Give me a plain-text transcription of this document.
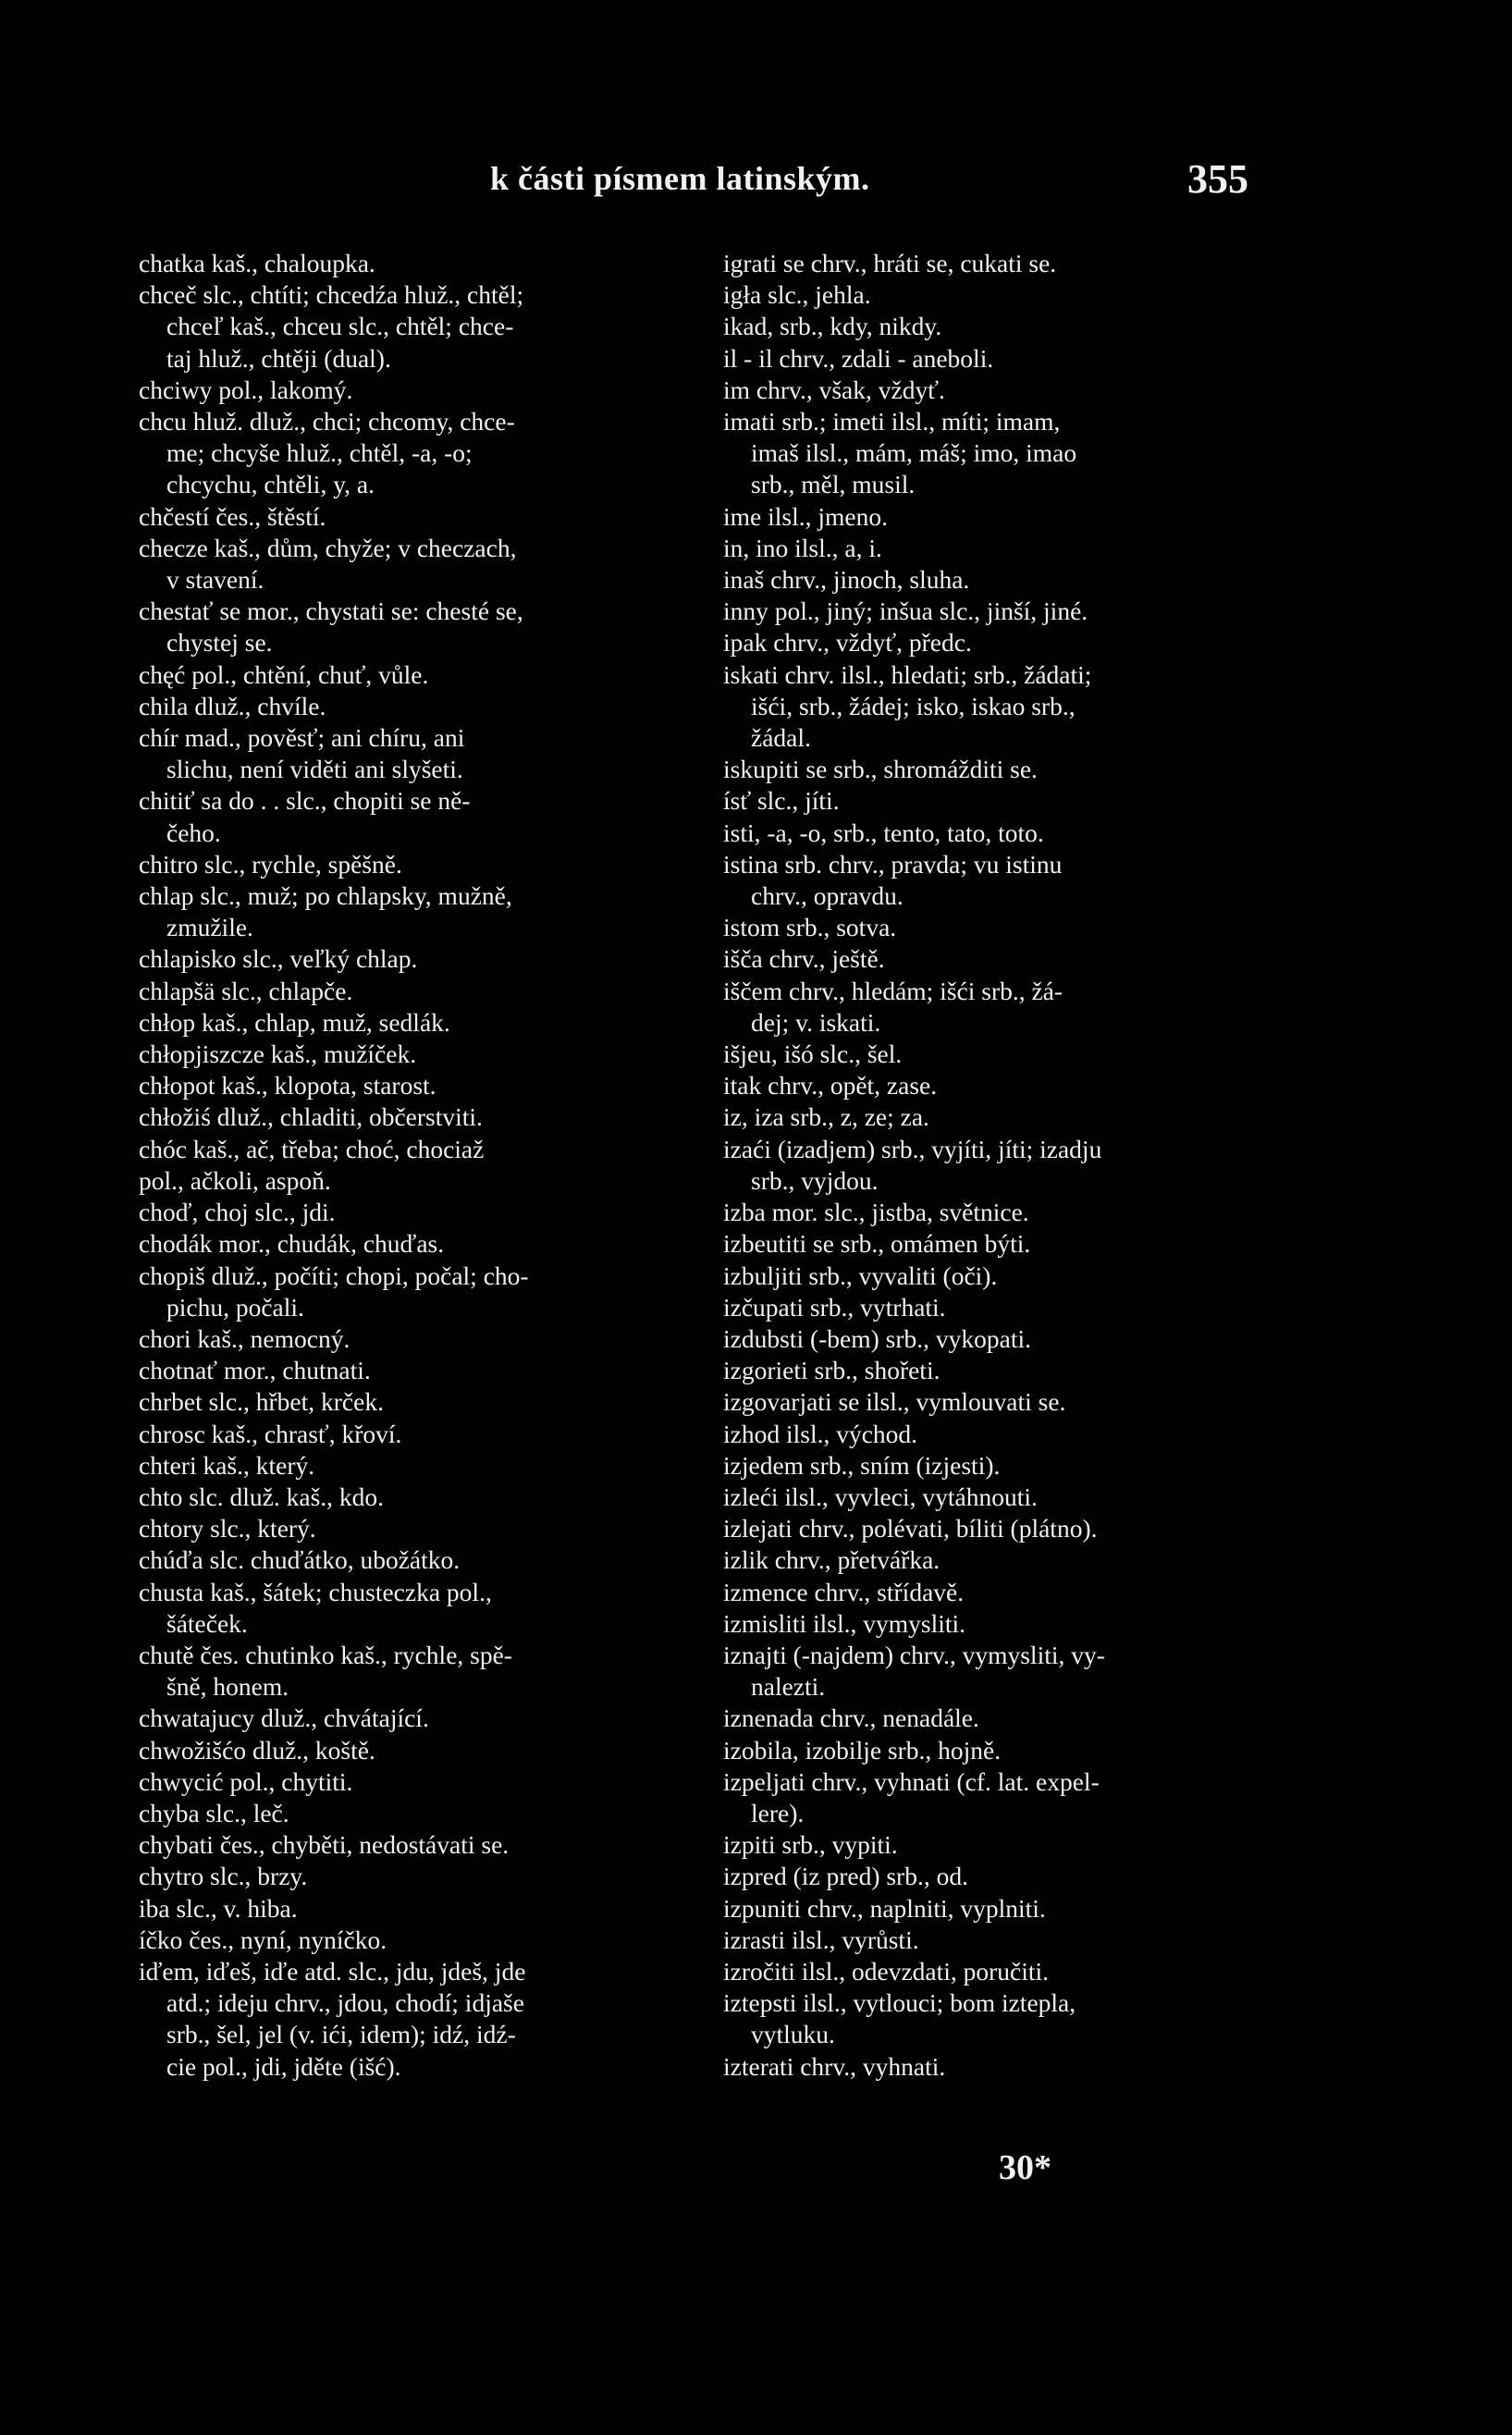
k části písmem latinským.	355
chatka kaš., chaloupka.
chceč slc., chtíti; chcedźa hluž., chtěl;
chceľ kaš., chceu slc., chtěl; chce-
taj hluž., chtěji (dual).
chciwy pol., lakomý.
chcu hluž. dluž., chci; chcomy, chce-
me; chcyše hluž., chtěl, -a, -o;
chcychu, chtěli, y, a.
chčestí čes., štěstí.
checze kaš., dům, chyže; v checzach,
v stavení.
chestať se mor., chystati se: chesté se,
chystej se.
chęć pol., chtění, chuť, vůle.
chila dluž., chvíle.
chír mad., pověsť; ani chíru, ani
slichu, není viděti ani slyšeti.
chitiť sa do . . slc., chopiti se ně-
čeho.
chitro slc., rychle, spěšně.
chlap slc., muž; po chlapsky, mužně,
zmužile.
chlapisko slc., veľký chlap.
chlapšä slc., chlapče.
chłop kaš., chlap, muž, sedlák.
chłopjiszcze kaš., mužíček.
chłopot kaš., klopota, starost.
chłožiś dluž., chladiti, občerstviti.
chóc kaš., ač, třeba; choć, chociaž
pol., ačkoli, aspoň.
choď, choj slc., jdi.
chodák mor., chudák, chuďas.
chopiš dluž., počíti; chopi, počal; cho-
pichu, počali.
chori kaš., nemocný.
chotnať mor., chutnati.
chrbet slc., hřbet, krček.
chrosc kaš., chrasť, křoví.
chteri kaš., který.
chto slc. dluž. kaš., kdo.
chtory slc., který.
chúďa slc. chuďátko, ubožátko.
chusta kaš., šátek; chusteczka pol.,
šáteček.
chutě čes. chutinko kaš., rychle, spě-
šně, honem.
chwatajucy dluž., chvátající.
chwožišćo dluž., koště.
chwycić pol., chytiti.
chyba slc., leč.
chybati čes., chyběti, nedostávati se.
chytro slc., brzy.
iba slc., v. hiba.
íčko čes., nyní, nyníčko.
iďem, iďeš, iďe atd. slc., jdu, jdeš, jde
atd.; ideju chrv., jdou, chodí; idjaše
srb., šel, jel (v. ići, idem); idź, idź-
cie pol., jdi, jděte (išć).
igrati se chrv., hráti se, cukati se.
igła slc., jehla.
ikad, srb., kdy, nikdy.
il - il chrv., zdali - aneboli.
im chrv., však, vždyť.
imati srb.; imeti ilsl., míti; imam,
imaš ilsl., mám, máš; imo, imao
srb., měl, musil.
ime ilsl., jmeno.
in, ino ilsl., a, i.
inaš chrv., jinoch, sluha.
inny pol., jiný; inšua slc., jinší, jiné.
ipak chrv., vždyť, předc.
iskati chrv. ilsl., hledati; srb., žádati;
išći, srb., žádej; isko, iskao srb.,
žádal.
iskupiti se srb., shromážditi se.
ísť slc., jíti.
isti, -a, -o, srb., tento, tato, toto.
istina srb. chrv., pravda; vu istinu
chrv., opravdu.
istom srb., sotva.
išča chrv., ještě.
iščem chrv., hledám; išći srb., žá-
dej; v. iskati.
išjeu, išó slc., šel.
itak chrv., opět, zase.
iz, iza srb., z, ze; za.
izaći (izadjem) srb., vyjíti, jíti; izadju
srb., vyjdou.
izba mor. slc., jistba, světnice.
izbeutiti se srb., omámen býti.
izbuljiti srb., vyvaliti (oči).
izčupati srb., vytrhati.
izdubsti (-bem) srb., vykopati.
izgorieti srb., shořeti.
izgovarjati se ilsl., vymlouvati se.
izhod ilsl., východ.
izjedem srb., sním (izjesti).
izleći ilsl., vyvleci, vytáhnouti.
izlejati chrv., polévati, bíliti (plátno).
izlik chrv., přetvářka.
izmence chrv., střídavě.
izmisliti ilsl., vymysliti.
iznajti (-najdem) chrv., vymysliti, vy-
nalezti.
iznenada chrv., nenadále.
izobila, izobilje srb., hojně.
izpeljati chrv., vyhnati (cf. lat. expel-
lere).
izpiti srb., vypiti.
izpred (iz pred) srb., od.
izpuniti chrv., naplniti, vyplniti.
izrasti ilsl., vyrůsti.
izročiti ilsl., odevzdati, poručiti.
iztepsti ilsl., vytlouci; bom iztepla,
vytluku.
izterati chrv., vyhnati.
30*
